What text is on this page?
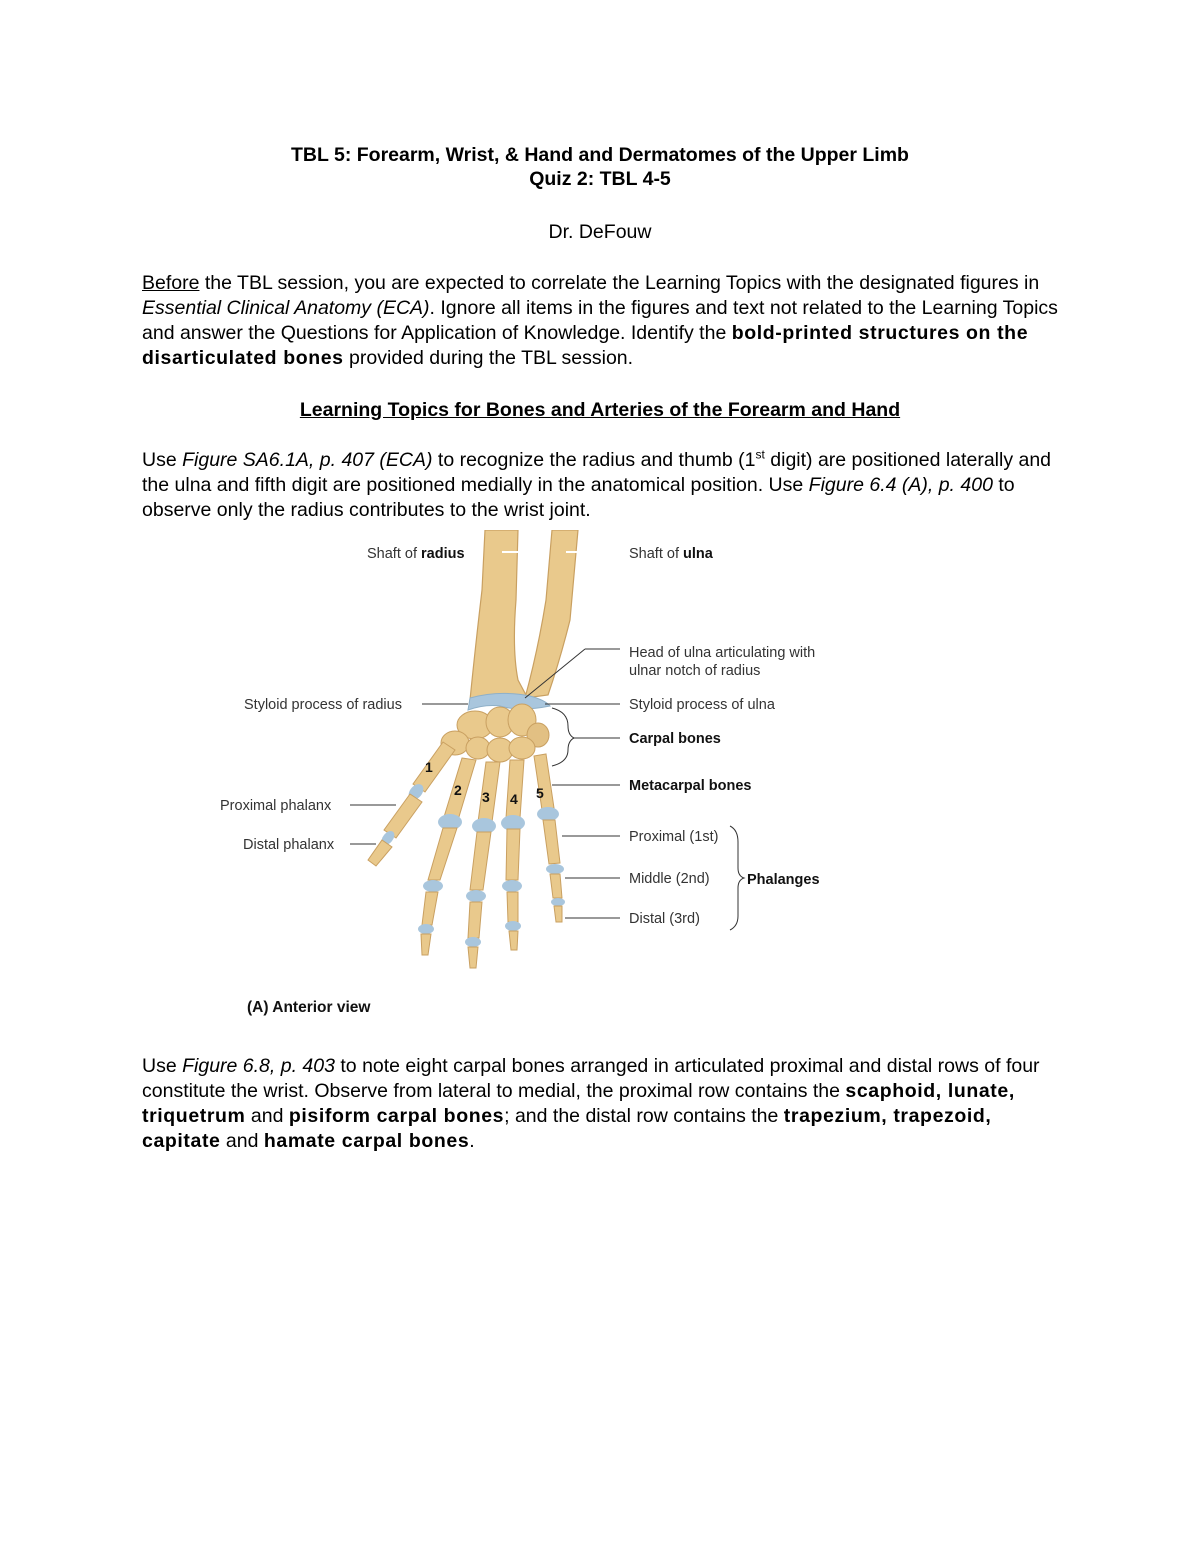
TBL 5: Forearm, Wrist, & Hand and Dermatomes of the Upper Limb
Quiz 2: TBL 4-5
Dr. DeFouw
Before the TBL session, you are expected to correlate the Learning Topics with the designated figures in Essential Clinical Anatomy (ECA). Ignore all items in the figures and text not related to the Learning Topics and answer the Questions for Application of Knowledge. Identify the bold-printed structures on the disarticulated bones provided during the TBL session.
Learning Topics for Bones and Arteries of the Forearm and Hand
Use Figure SA6.1A, p. 407 (ECA) to recognize the radius and thumb (1st digit) are positioned laterally and the ulna and fifth digit are positioned medially in the anatomical position. Use Figure 6.4 (A), p. 400 to observe only the radius contributes to the wrist joint.
1
2 3 4 5
Shaft of radius	Shaft of ulna
Head of ulna articulating with
ulnar notch of radius
Styloid process of radius	Styloid process of ulna
Carpal bones
Metacarpal bones
Proximal phalanx
Distal phalanx	Proximal (1st)
Middle (2nd)
Distal (3rd)
Phalanges
(A) Anterior view
Use Figure 6.8, p. 403 to note eight carpal bones arranged in articulated proximal and distal rows of four constitute the wrist. Observe from lateral to medial, the proximal row contains the scaphoid, lunate, triquetrum and pisiform carpal bones; and the distal row contains the trapezium, trapezoid, capitate and hamate carpal bones.
